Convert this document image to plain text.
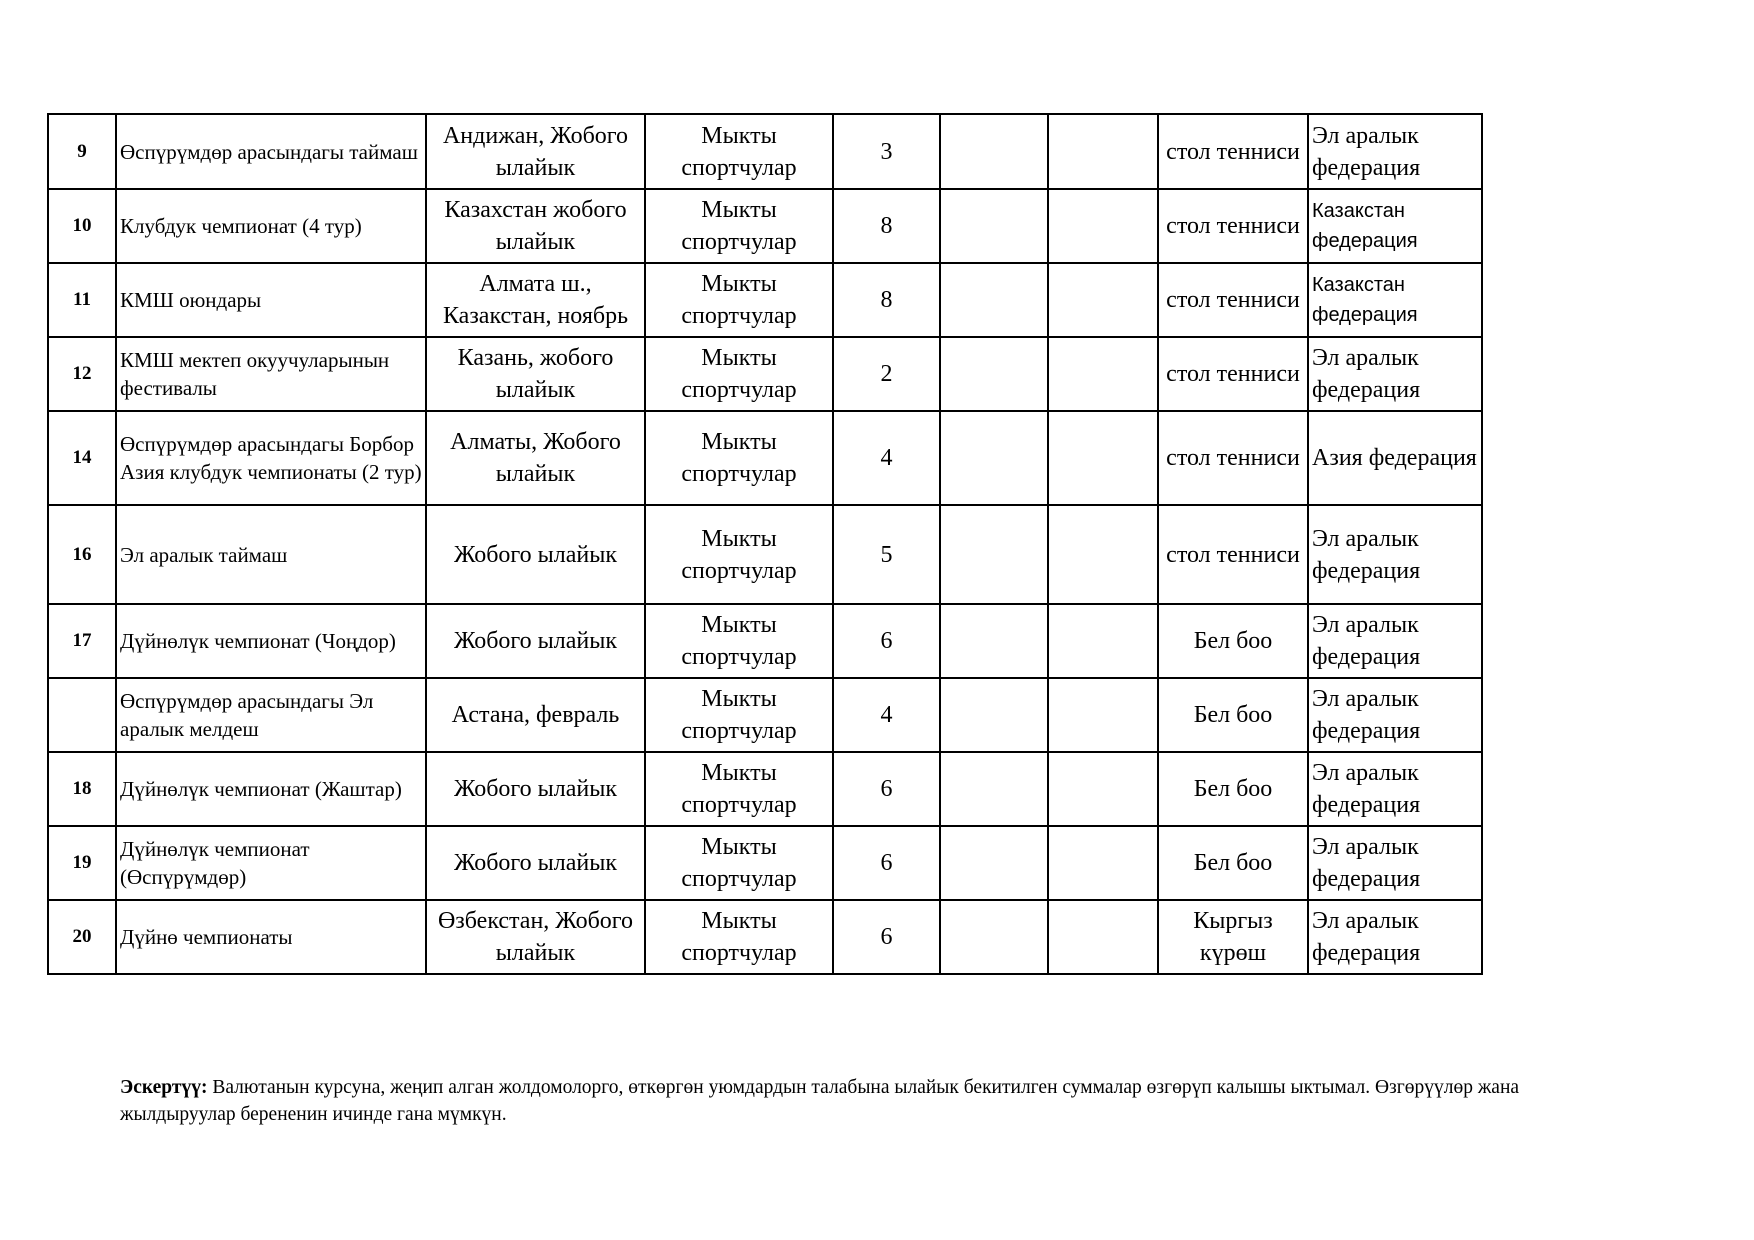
9	Өспүрүмдөр арасындагы таймаш	Андижан, Жобого ылайык	Мыкты спортчулар	3			стол тенниси	Эл аралык федерация

10	Клубдук чемпионат (4 тур)	Казахстан жобого ылайык	Мыкты спортчулар	8			стол тенниси	Казакстан федерация

11	КМШ оюндары	Алмата ш., Казакстан, ноябрь	Мыкты спортчулар	8			стол тенниси	Казакстан федерация

12	КМШ мектеп окуучуларынын фестивалы	Казань, жобого ылайык	Мыкты спортчулар	2			стол тенниси	Эл аралык федерация

14	Өспүрүмдөр арасындагы Борбор Азия клубдук чемпионаты (2 тур)	Алматы, Жобого ылайык	Мыкты спортчулар	4			стол тенниси	Азия федерация

16	Эл аралык таймаш	Жобого ылайык	Мыкты спортчулар	5			стол тенниси	Эл аралык федерация

17	Дүйнөлүк чемпионат (Чоңдор)	Жобого ылайык	Мыкты спортчулар	6			Бел боо	Эл аралык федерация

	Өспүрүмдөр арасындагы Эл аралык мелдеш	Астана, февраль	Мыкты спортчулар	4			Бел боо	Эл аралык федерация

18	Дүйнөлүк чемпионат (Жаштар)	Жобого ылайык	Мыкты спортчулар	6			Бел боо	Эл аралык федерация

19	Дүйнөлүк чемпионат (Өспүрүмдөр)	Жобого ылайык	Мыкты спортчулар	6			Бел боо	Эл аралык федерация

20	Дүйнө чемпионаты	Өзбекстан, Жобого ылайык	Мыкты спортчулар	6			Кыргыз күрөш	Эл аралык федерация
Эскертүү: Валютанын курсуна, жеңип алган жолдомолорго, өткөргөн уюмдардын талабына ылайык бекитилген суммалар өзгөрүп калышы ыктымал. Өзгөрүүлөр жана жылдыруулар берененин ичинде гана мүмкүн.
